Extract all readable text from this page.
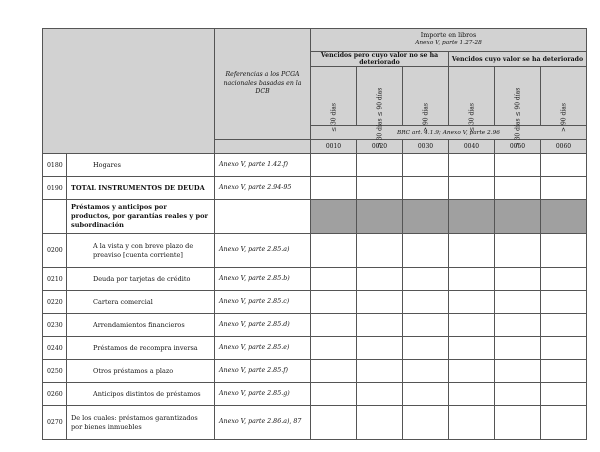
		Referencias a los PCGA nacionales basadas en la DCB	Importe en libros
Anexo V, parte 1.27-28					

			Vencidos pero cuyo valor no se ha deteriorado			Vencidos cuyo valor se ha deteriorado		

			≤ 30 días	> 30 días ≤ 90 días	> 90 días	≤ 30 días	> 30 días ≤ 90 días	> 90 días

			BRC art. 4.1.9; Anexo V, parte 2.96					
			0010	0020	0030	0040	0050	0060
0180	Hogares	Anexo V, parte 1.42.f)						
0190	TOTAL INSTRUMENTOS DE DEUDA	Anexo V, parte 2.94-95						
	Préstamos y anticipos por productos, por garantías reales y por subordinación							
0200	A la vista y con breve plazo de preaviso [cuenta corriente]	Anexo V, parte 2.85.a)						
0210	Deuda por tarjetas de crédito	Anexo V, parte 2.85.b)						
0220	Cartera comercial	Anexo V, parte 2.85.c)						
0230	Arrendamientos financieros	Anexo V, parte 2.85.d)						
0240	Préstamos de recompra inversa	Anexo V, parte 2.85.e)						
0250	Otros préstamos a plazo	Anexo V, parte 2.85.f)						
0260	Anticipos distintos de préstamos	Anexo V, parte 2.85.g)						
0270	De los cuales: préstamos garantizados por bienes inmuebles	Anexo V, parte 2.86.a), 87						
